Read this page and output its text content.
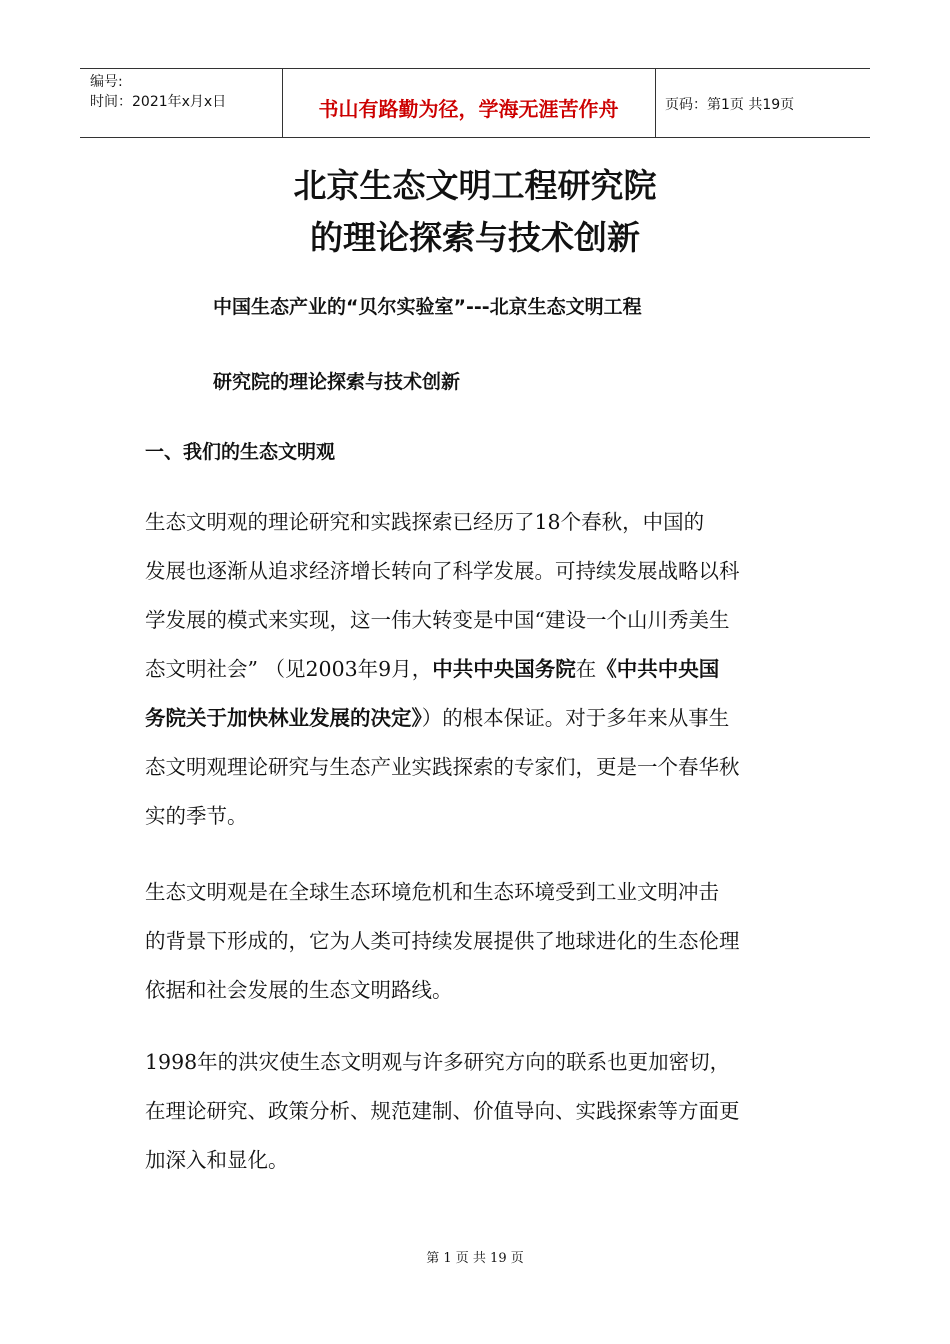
编号:
时间：2021年x月x日	书山有路勤为径，学海无涯苦作舟	页码：第1页 共19页
北京生态文明工程研究院
的理论探索与技术创新
中国生态产业的“贝尔实验室”---北京生态文明工程
研究院的理论探索与技术创新
一、我们的生态文明观

生态文明观的理论研究和实践探索已经历了18个春秋，中国的
发展也逐渐从追求经济增长转向了科学发展。可持续发展战略以科
学发展的模式来实现，这一伟大转变是中国“建设一个山川秀美生
态文明社会” （见2003年9月，中共中央国务院在《中共中央国
务院关于加快林业发展的决定》）的根本保证。对于多年来从事生
态文明观理论研究与生态产业实践探索的专家们，更是一个春华秋
实的季节。

生态文明观是在全球生态环境危机和生态环境受到工业文明冲击
的背景下形成的，它为人类可持续发展提供了地球进化的生态伦理
依据和社会发展的生态文明路线。

1998年的洪灾使生态文明观与许多研究方向的联系也更加密切，
在理论研究、政策分析、规范建制、价值导向、实践探索等方面更
加深入和显化。

第 1 页 共 19 页
